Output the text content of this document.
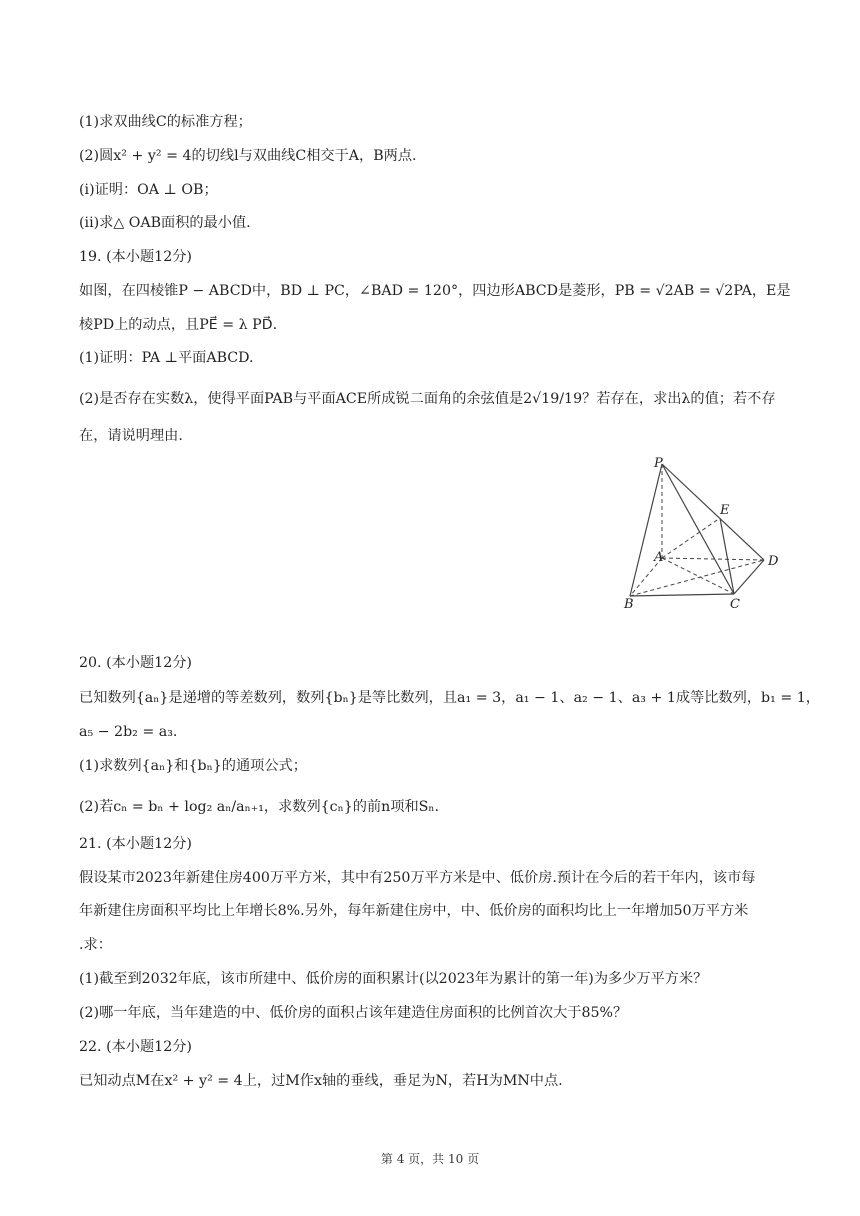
(1)求双曲线C的标准方程；
(2)圆x² + y² = 4的切线l与双曲线C相交于A，B两点.
(i)证明：OA ⊥ OB；
(ii)求△ OAB面积的最小值.
19. (本小题12分)
如图，在四棱锥P − ABCD中，BD ⊥ PC，∠BAD = 120°，四边形ABCD是菱形，PB = √2AB = √2PA，E是
棱PD上的动点，且PE⃗ = λ PD⃗.
(1)证明：PA ⊥平面ABCD.
(2)是否存在实数λ，使得平面PAB与平面ACE所成锐二面角的余弦值是2√19/19？若存在，求出λ的值；若不存
在，请说明理由.
P
E
A	D
B	C
20. (本小题12分)
已知数列{aₙ}是递增的等差数列，数列{bₙ}是等比数列，且a₁ = 3，a₁ − 1、a₂ − 1、a₃ + 1成等比数列，b₁ = 1，
a₅ − 2b₂ = a₃.
(1)求数列{aₙ}和{bₙ}的通项公式；
(2)若cₙ = bₙ + log₂ aₙ/aₙ₊₁，求数列{cₙ}的前n项和Sₙ.
21. (本小题12分)
假设某市2023年新建住房400万平方米，其中有250万平方米是中、低价房.预计在今后的若干年内，该市每
年新建住房面积平均比上年增长8%.另外，每年新建住房中，中、低价房的面积均比上一年增加50万平方米
.求：
(1)截至到2032年底，该市所建中、低价房的面积累计(以2023年为累计的第一年)为多少万平方米？
(2)哪一年底，当年建造的中、低价房的面积占该年建造住房面积的比例首次大于85%？
22. (本小题12分)
已知动点M在x² + y² = 4上，过M作x轴的垂线，垂足为N，若H为MN中点.
第 4 页，共 10 页
